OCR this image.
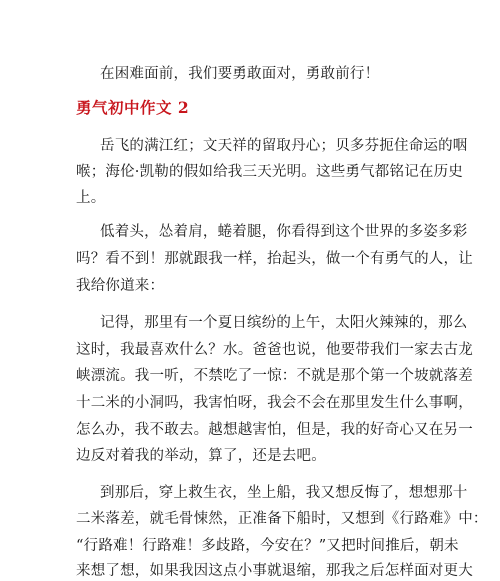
在困难面前，我们要勇敢面对，勇敢前行！
勇气初中作文 2
岳飞的满江红；文天祥的留取丹心；贝多芬扼住命运的咽
喉；海伦·凯勒的假如给我三天光明。这些勇气都铭记在历史
上。
低着头，怂着肩，蜷着腿，你看得到这个世界的多姿多彩
吗？看不到！那就跟我一样，抬起头，做一个有勇气的人，让
我给你道来：
记得，那里有一个夏日缤纷的上午，太阳火辣辣的，那么
这时，我最喜欢什么？水。爸爸也说，他要带我们一家去古龙
峡漂流。我一听，不禁吃了一惊：不就是那个第一个坡就落差
十二米的小洞吗，我害怕呀，我会不会在那里发生什么事啊，
怎么办，我不敢去。越想越害怕，但是，我的好奇心又在另一
边反对着我的举动，算了，还是去吧。
到那后，穿上救生衣，坐上船，我又想反悔了，想想那十
二米落差，就毛骨悚然，正准备下船时，又想到《行路难》中：
“行路难！行路难！多歧路，今安在？”又把时间推后，朝未
来想了想，如果我因这点小事就退缩，那我之后怎样面对更大
